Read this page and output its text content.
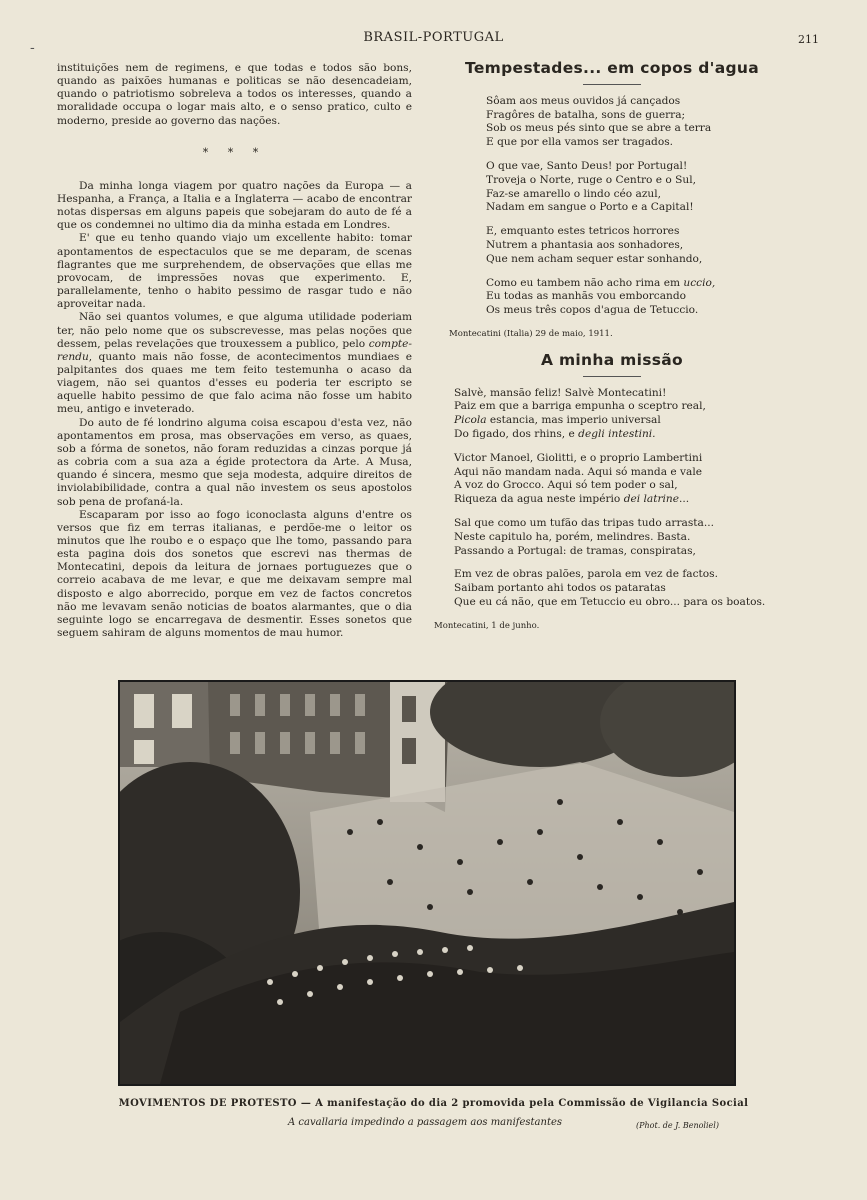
-
BRASIL-PORTUGAL	211

instituições nem de regimens, e que todas e todos são bons, quando as paixões humanas e politicas se não desencadeiam, quando o patriotismo sobreleva a todos os interesses, quando a moralidade occupa o logar mais alto, e o senso pratico, culto e moderno, preside ao governo das nações.

* * *

Da minha longa viagem por quatro nações da Europa — a Hespanha, a França, a Italia e a Inglaterra — acabo de encontrar notas dispersas em alguns papeis que sobejaram do auto de fé a que os condemnei no ultimo dia da minha estada em Londres.

E' que eu tenho quando viajo um excellente habito: tomar apontamentos de espectaculos que se me deparam, de scenas flagrantes que me surprehendem, de observações que ellas me provocam, de impressões novas que experimento. E, parallelamente, tenho o habito pessimo de rasgar tudo e não aproveitar nada.

Não sei quantos volumes, e que alguma utilidade poderiam ter, não pelo nome que os subscrevesse, mas pelas noções que dessem, pelas revelações que trouxessem a publico, pelo compte-rendu, quanto mais não fosse, de acontecimentos mundiaes e palpitantes dos quaes me tem feito testemunha o acaso da viagem, não sei quantos d'esses eu poderia ter escripto se aquelle habito pessimo de que falo acima não fosse um habito meu, antigo e inveterado.

Do auto de fé londrino alguma coisa escapou d'esta vez, não apontamentos em prosa, mas observações em verso, as quaes, sob a fórma de sonetos, não foram reduzidas a cinzas porque já as cobria com a sua aza a égide protectora da Arte. A Musa, quando é sincera, mesmo que seja modesta, adquire direitos de inviolabibilidade, contra a qual não investem os seus apostolos sob pena de profaná-la.

Escaparam por isso ao fogo iconoclasta alguns d'entre os versos que fiz em terras italianas, e perdõe-me o leitor os minutos que lhe roubo e o espaço que lhe tomo, passando para esta pagina dois dos sonetos que escrevi nas thermas de Montecatini, depois da leitura de jornaes portuguezes que o correio acabava de me levar, e que me deixavam sempre mal disposto e algo aborrecido, porque em vez de factos concretos não me levavam senão noticias de boatos alarmantes, que o dia seguinte logo se encarregava de desmentir. Esses sonetos que seguem sahiram de alguns momentos de mau humor.

Tempestades... em copos d'agua
Sôam aos meus ouvidos já cançados
Fragôres de batalha, sons de guerra;
Sob os meus pés sinto que se abre a terra
E que por ella vamos ser tragados.
O que vae, Santo Deus! por Portugal!
Troveja o Norte, ruge o Centro e o Sul,
Faz-se amarello o lindo céo azul,
Nadam em sangue o Porto e a Capital!
E, emquanto estes tetricos horrores
Nutrem a phantasia aos sonhadores,
Que nem acham sequer estar sonhando,
Como eu tambem não acho rima em uccio,
Eu todas as manhãs vou emborcando
Os meus três copos d'agua de Tetuccio.
Montecatini (Italia) 29 de maio, 1911.
A minha missão
Salvè, mansão feliz! Salvè Montecatini!
Paiz em que a barriga empunha o sceptro real,
Picola estancia, mas imperio universal
Do figado, dos rhins, e degli intestini.
Victor Manoel, Giolitti, e o proprio Lambertini
Aqui não mandam nada. Aqui só manda e vale
A voz do Grocco. Aqui só tem poder o sal,
Riqueza da agua neste império dei latrine...
Sal que como um tufão das tripas tudo arrasta...
Neste capitulo ha, porém, melindres. Basta.
Passando a Portugal: de tramas, conspiratas,
Em vez de obras palões, parola em vez de factos.
Saibam portanto ahi todos os pataratas
Que eu cá não, que em Tetuccio eu obro... para os boatos.
Montecatini, 1 de junho.
MOVIMENTOS DE PROTESTO — A manifestação do dia 2 promovida pela Commissão de Vigilancia Social
A cavallaria impedindo a passagem aos manifestantes	(Phot. de J. Benoliel)
